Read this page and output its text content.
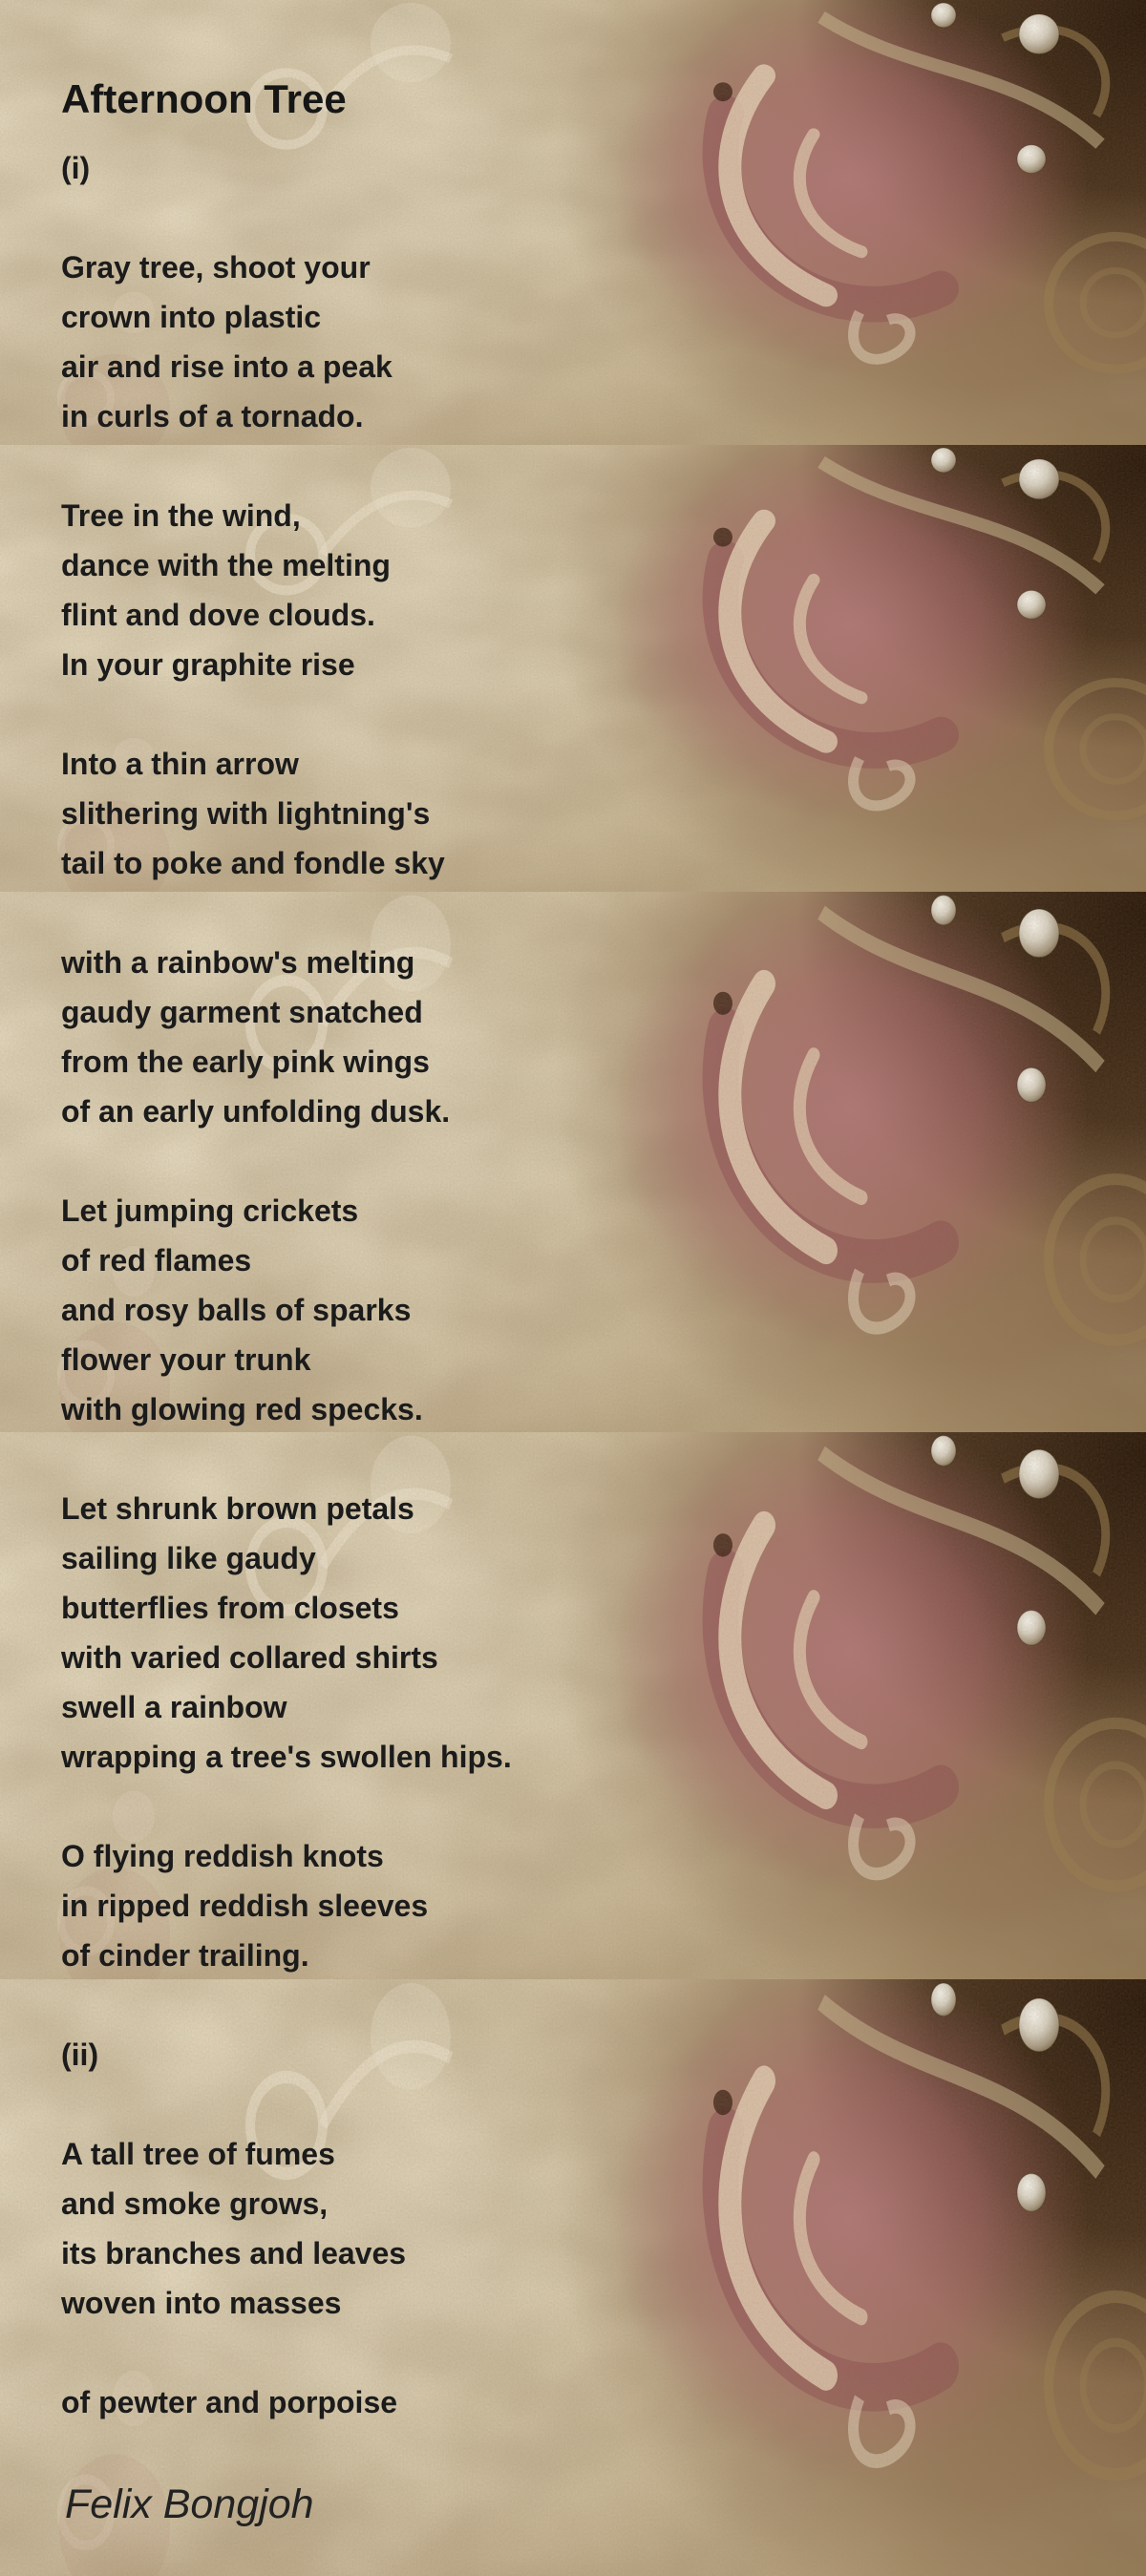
Afternoon Tree
(i)
Gray tree, shoot your
crown into plastic
air and rise into a peak
in curls of a tornado.
Tree in the wind,
dance with the melting
flint and dove clouds.
In your graphite rise
Into a thin arrow
slithering with lightning's
tail to poke and fondle sky
with a rainbow's melting
gaudy garment snatched
from the early pink wings
of an early unfolding dusk.
Let jumping crickets
of red flames
and rosy balls of sparks
flower your trunk
with glowing red specks.
Let shrunk brown petals
sailing like gaudy
butterflies from closets
with varied collared shirts
swell a rainbow
wrapping a tree's swollen hips.
O flying reddish knots
in ripped reddish sleeves
of cinder trailing.
(ii)
A tall tree of fumes
and smoke grows,
its branches and leaves
woven into masses
of pewter and porpoise
Felix Bongjoh
